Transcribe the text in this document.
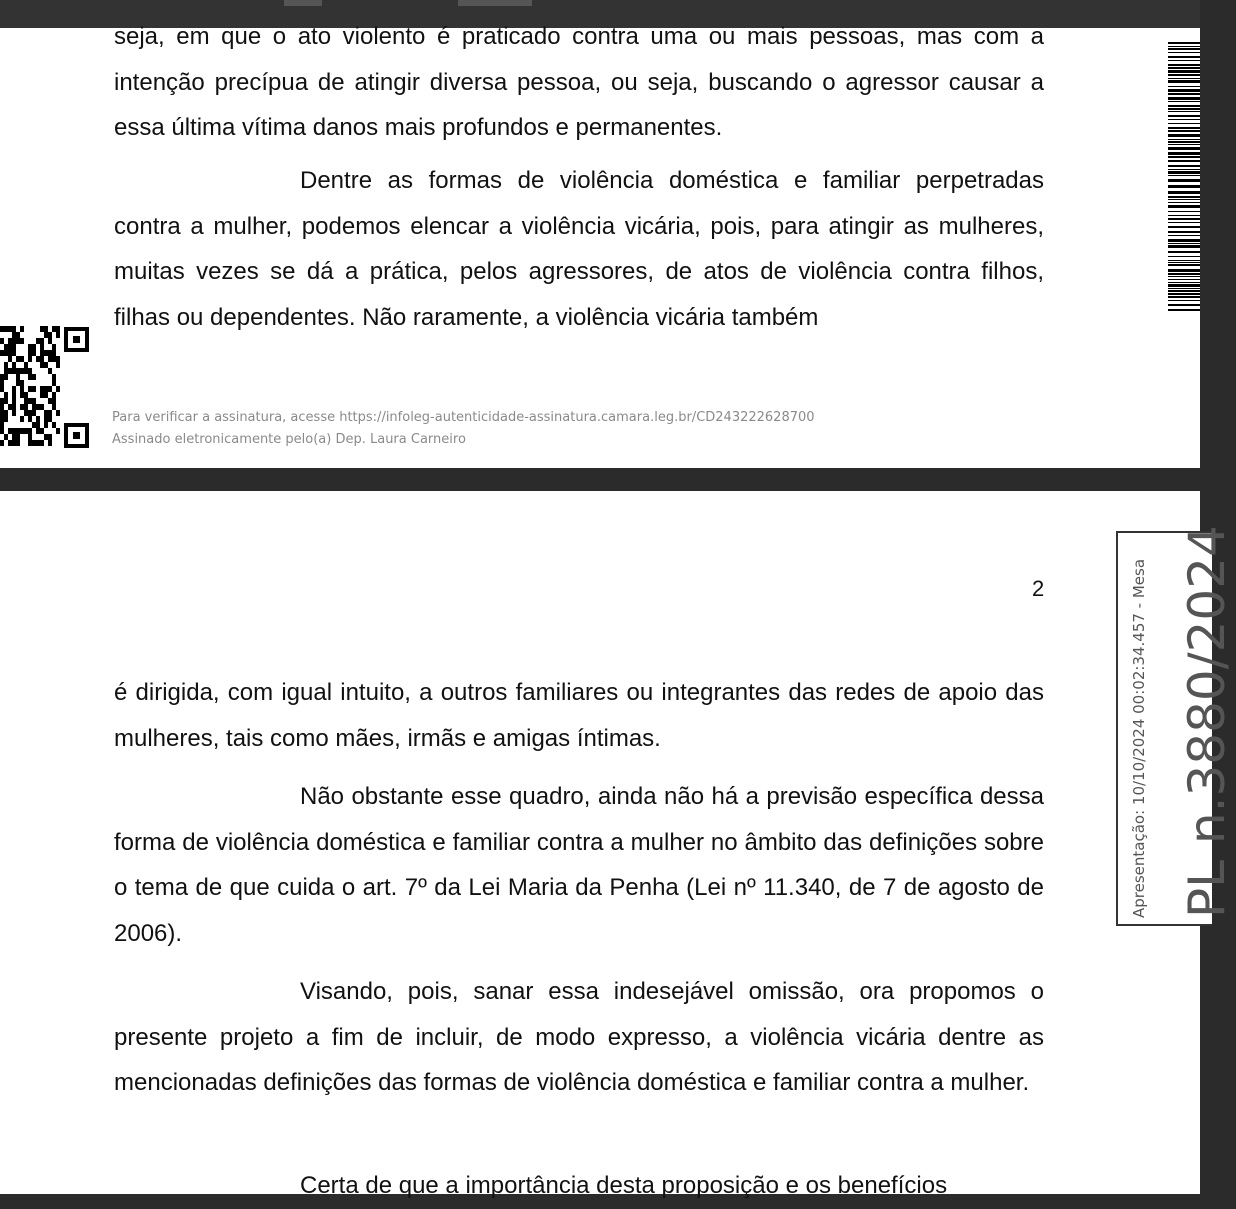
seja, em que o ato violento é praticado contra uma ou mais pessoas, mas com a intenção precípua de atingir diversa pessoa, ou seja, buscando o agressor causar a essa última vítima danos mais profundos e permanentes.

Dentre as formas de violência doméstica e familiar perpetradas contra a mulher, podemos elencar a violência vicária, pois, para atingir as mulheres, muitas vezes se dá a prática, pelos agressores, de atos de violência contra filhos, filhas ou dependentes. Não raramente, a violência vicária também

Para verificar a assinatura, acesse https://infoleg-autenticidade-assinatura.camara.leg.br/CD243222628700
Assinado eletronicamente pelo(a) Dep. Laura Carneiro
2

é dirigida, com igual intuito, a outros familiares ou integrantes das redes de apoio das mulheres, tais como mães, irmãs e amigas íntimas.

Não obstante esse quadro, ainda não há a previsão específica dessa forma de violência doméstica e familiar contra a mulher no âmbito das definições sobre o tema de que cuida o art. 7º da Lei Maria da Penha (Lei nº 11.340, de 7 de agosto de 2006).

Visando, pois, sanar essa indesejável omissão, ora propomos o presente projeto a fim de incluir, de modo expresso, a violência vicária dentre as mencionadas definições das formas de violência doméstica e familiar contra a mulher.

Certa de que a importância desta proposição e os benefícios

Apresentação: 10/10/2024 00:02:34.457 - Mesa PL n.3880/2024
